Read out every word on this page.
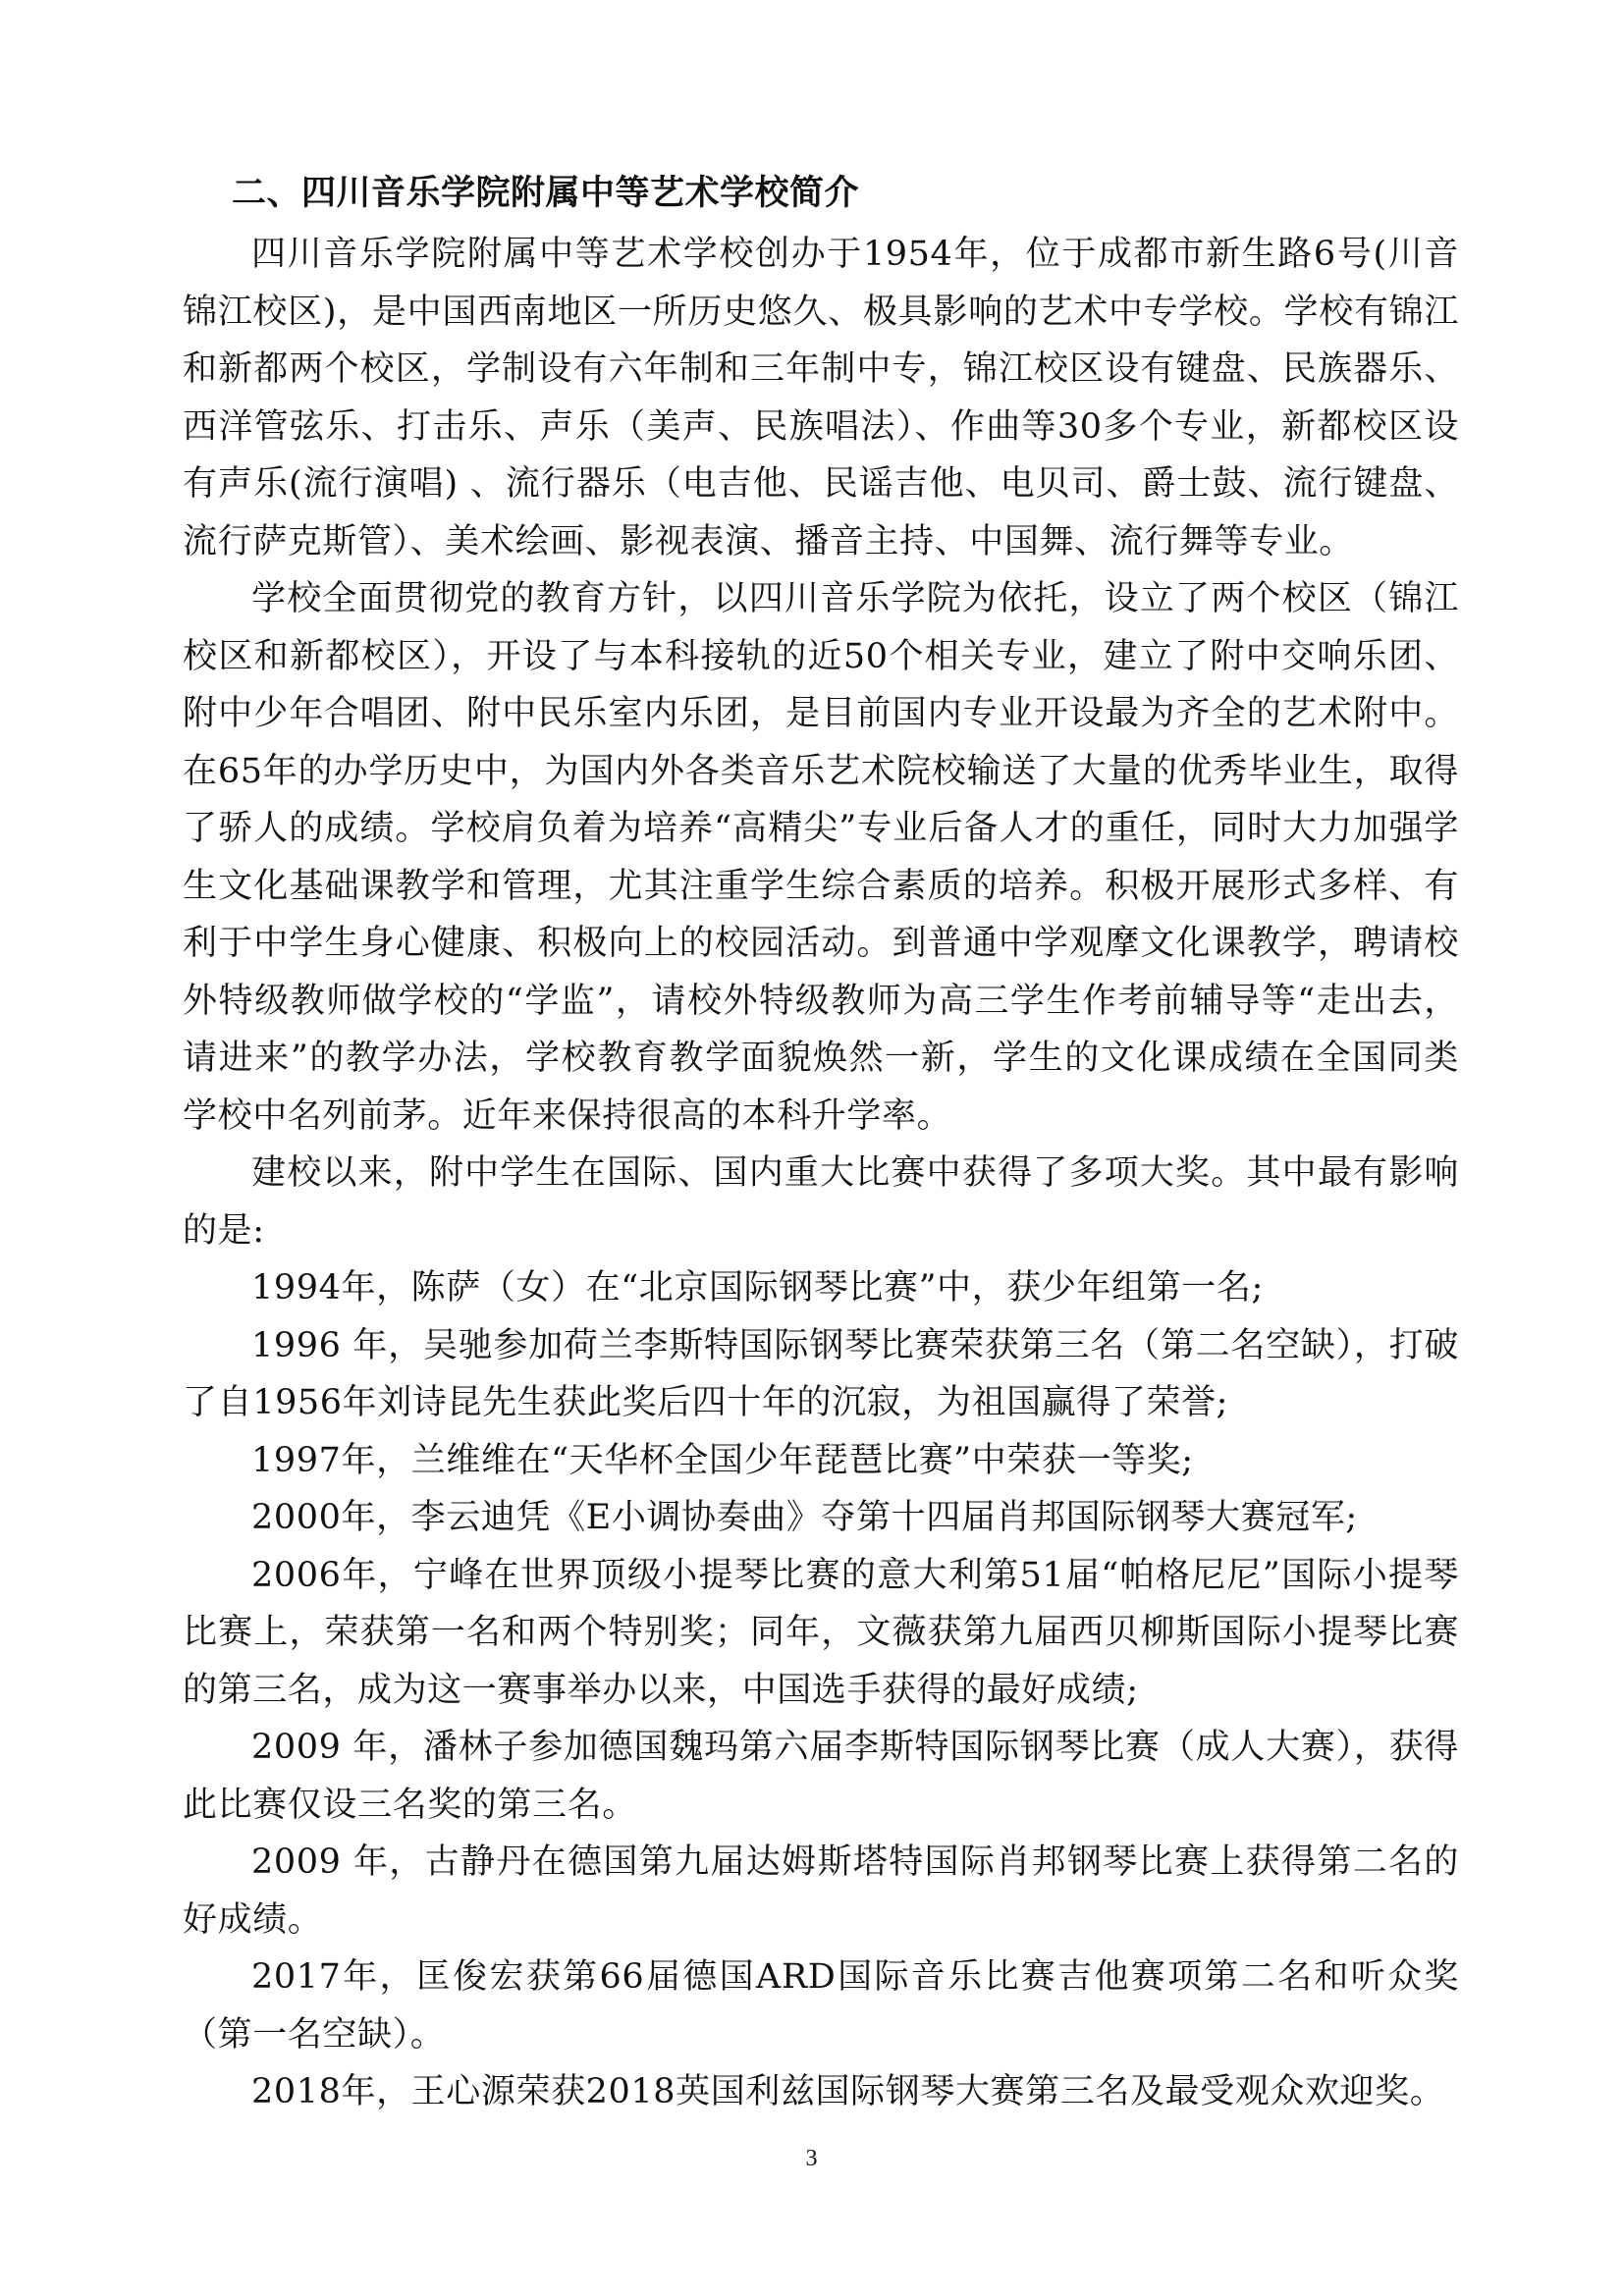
二、四川音乐学院附属中等艺术学校简介

四川音乐学院附属中等艺术学校创办于1954年，位于成都市新生路6号(川音锦江校区)，是中国西南地区一所历史悠久、极具影响的艺术中专学校。学校有锦江和新都两个校区，学制设有六年制和三年制中专，锦江校区设有键盘、民族器乐、西洋管弦乐、打击乐、声乐（美声、民族唱法）、作曲等30多个专业，新都校区设有声乐(流行演唱) 、流行器乐（电吉他、民谣吉他、电贝司、爵士鼓、流行键盘、流行萨克斯管）、美术绘画、影视表演、播音主持、中国舞、流行舞等专业。

学校全面贯彻党的教育方针，以四川音乐学院为依托，设立了两个校区（锦江校区和新都校区），开设了与本科接轨的近50个相关专业，建立了附中交响乐团、附中少年合唱团、附中民乐室内乐团，是目前国内专业开设最为齐全的艺术附中。在65年的办学历史中，为国内外各类音乐艺术院校输送了大量的优秀毕业生，取得了骄人的成绩。学校肩负着为培养“高精尖”专业后备人才的重任，同时大力加强学生文化基础课教学和管理，尤其注重学生综合素质的培养。积极开展形式多样、有利于中学生身心健康、积极向上的校园活动。到普通中学观摩文化课教学，聘请校外特级教师做学校的“学监”，请校外特级教师为高三学生作考前辅导等“走出去，请进来”的教学办法，学校教育教学面貌焕然一新，学生的文化课成绩在全国同类学校中名列前茅。近年来保持很高的本科升学率。

建校以来，附中学生在国际、国内重大比赛中获得了多项大奖。其中最有影响的是:

1994年，陈萨（女）在“北京国际钢琴比赛”中，获少年组第一名;

1996 年，吴驰参加荷兰李斯特国际钢琴比赛荣获第三名（第二名空缺），打破了自1956年刘诗昆先生获此奖后四十年的沉寂，为祖国赢得了荣誉;

1997年，兰维维在“天华杯全国少年琵琶比赛”中荣获一等奖;

2000年，李云迪凭《E小调协奏曲》夺第十四届肖邦国际钢琴大赛冠军;

2006年，宁峰在世界顶级小提琴比赛的意大利第51届“帕格尼尼”国际小提琴比赛上，荣获第一名和两个特别奖；同年，文薇获第九届西贝柳斯国际小提琴比赛的第三名，成为这一赛事举办以来，中国选手获得的最好成绩;

2009 年，潘林子参加德国魏玛第六届李斯特国际钢琴比赛（成人大赛），获得此比赛仅设三名奖的第三名。

2009 年，古静丹在德国第九届达姆斯塔特国际肖邦钢琴比赛上获得第二名的好成绩。

2017年，匡俊宏获第66届德国ARD国际音乐比赛吉他赛项第二名和听众奖（第一名空缺）。

2018年，王心源荣获2018英国利兹国际钢琴大赛第三名及最受观众欢迎奖。

3
